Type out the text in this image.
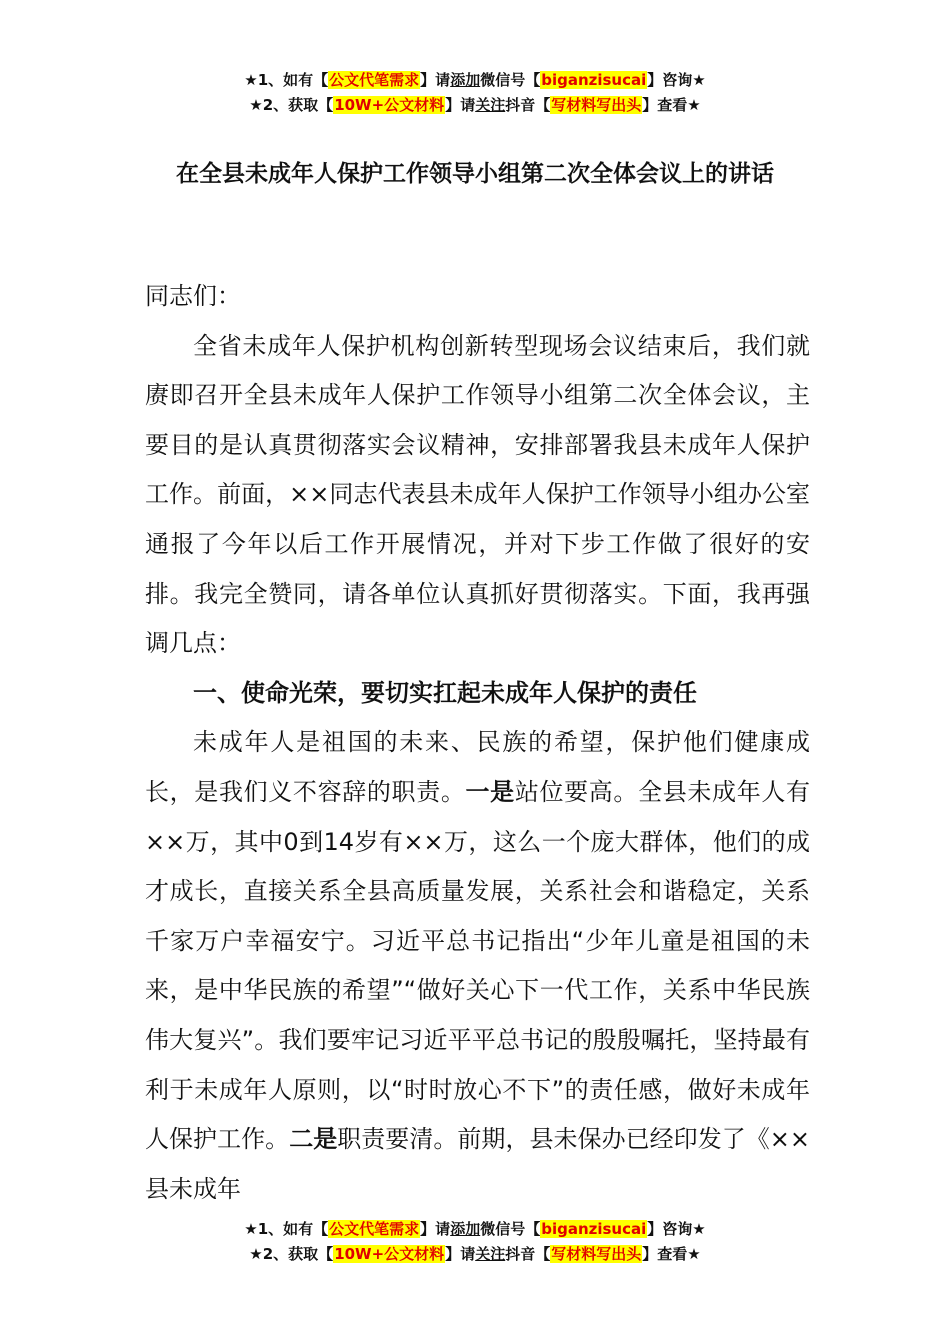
★1、如有【公文代笔需求】请添加微信号【biganzisucai】咨询★
★2、获取【10W+公文材料】请关注抖音【写材料写出头】查看★
在全县未成年人保护工作领导小组第二次全体会议上的讲话

同志们：

全省未成年人保护机构创新转型现场会议结束后，我们就赓即召开全县未成年人保护工作领导小组第二次全体会议，主要目的是认真贯彻落实会议精神，安排部署我县未成年人保护工作。前面，××同志代表县未成年人保护工作领导小组办公室通报了今年以后工作开展情况，并对下步工作做了很好的安排。我完全赞同，请各单位认真抓好贯彻落实。下面，我再强调几点：

一、使命光荣，要切实扛起未成年人保护的责任

未成年人是祖国的未来、民族的希望，保护他们健康成长，是我们义不容辞的职责。一是站位要高。全县未成年人有××万，其中0到14岁有××万，这么一个庞大群体，他们的成才成长，直接关系全县高质量发展，关系社会和谐稳定，关系千家万户幸福安宁。习近平总书记指出“少年儿童是祖国的未来，是中华民族的希望”“做好关心下一代工作，关系中华民族伟大复兴”。我们要牢记习近平平总书记的殷殷嘱托，坚持最有利于未成年人原则，以“时时放心不下”的责任感，做好未成年人保护工作。二是职责要清。前期，县未保办已经印发了《××县未成年

★1、如有【公文代笔需求】请添加微信号【biganzisucai】咨询★
★2、获取【10W+公文材料】请关注抖音【写材料写出头】查看★
